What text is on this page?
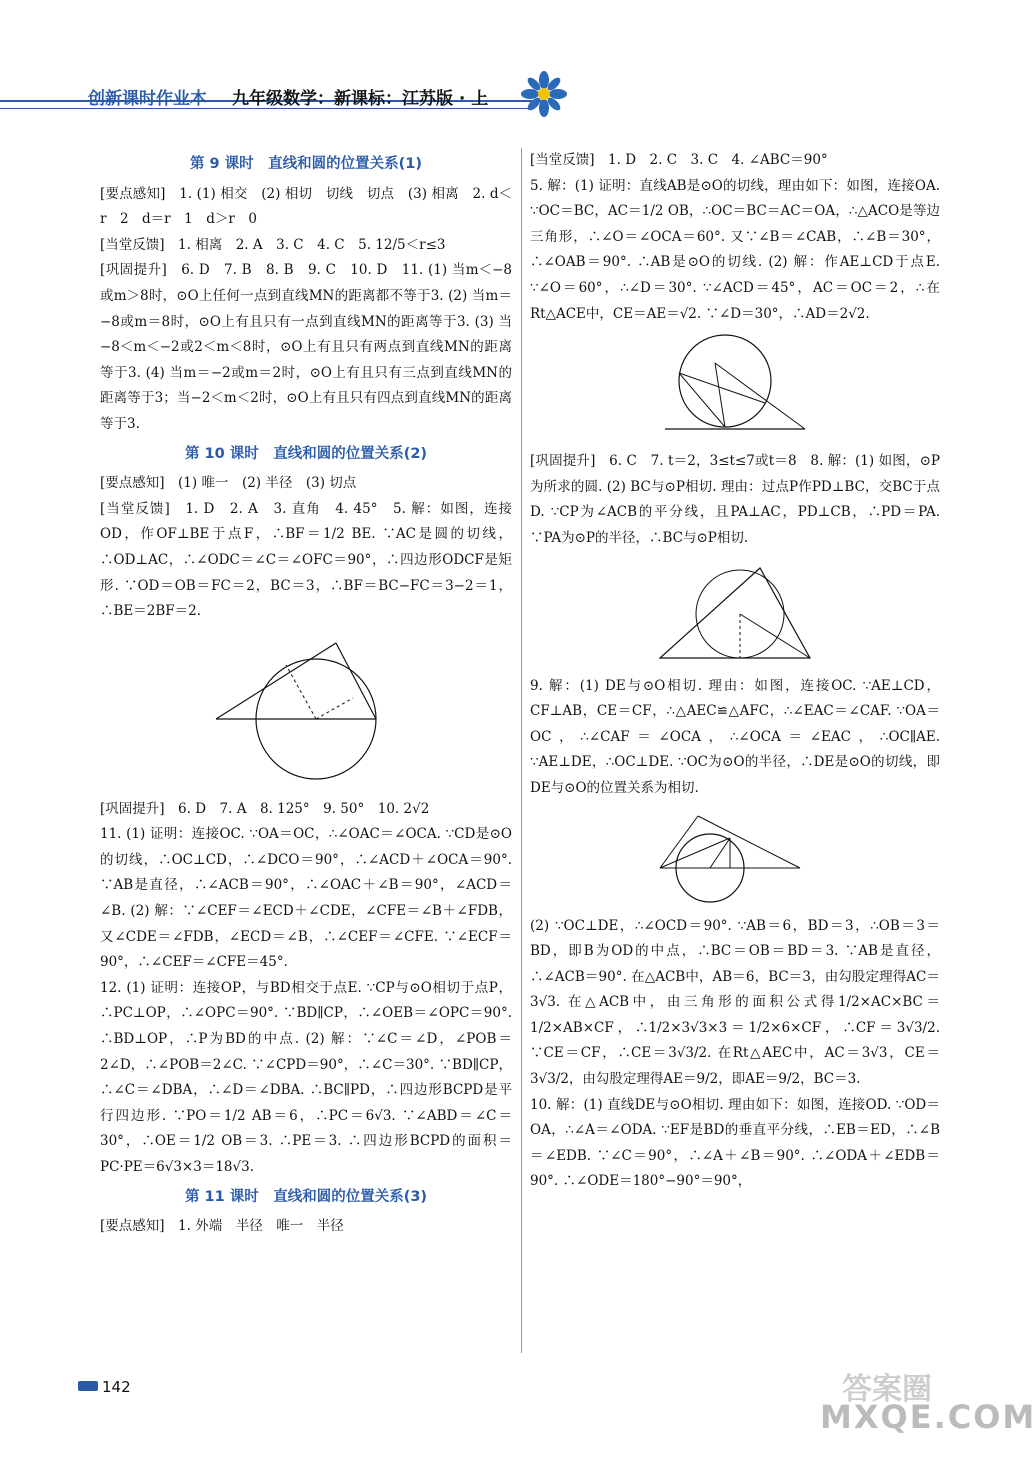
创新课时作业本 九年级数学：新课标：江苏版 · 上

第 9 课时　直线和圆的位置关系(1)

[要点感知]　1. (1) 相交　(2) 相切　切线　切点　(3) 相离　2. d＜r　2　d＝r　1　d＞r　0

[当堂反馈]　1. 相离　2. A　3. C　4. C　5. 12/5＜r≤3

[巩固提升]　6. D　7. B　8. B　9. C　10. D　11. (1) 当m＜−8或m＞8时，⊙O上任何一点到直线MN的距离都不等于3. (2) 当m＝−8或m＝8时，⊙O上有且只有一点到直线MN的距离等于3. (3) 当−8＜m＜−2或2＜m＜8时，⊙O上有且只有两点到直线MN的距离等于3. (4) 当m＝−2或m＝2时，⊙O上有且只有三点到直线MN的距离等于3；当−2＜m＜2时，⊙O上有且只有四点到直线MN的距离等于3.

第 10 课时　直线和圆的位置关系(2)

[要点感知]　(1) 唯一　(2) 半径　(3) 切点

[当堂反馈]　1. D　2. A　3. 直角　4. 45°　5. 解：如图，连接OD，作OF⊥BE于点F，∴BF＝1/2 BE. ∵AC是圆的切线，∴OD⊥AC，∴∠ODC＝∠C＝∠OFC＝90°，∴四边形ODCF是矩形. ∵OD＝OB＝FC＝2，BC＝3，∴BF＝BC−FC＝3−2＝1，∴BE＝2BF＝2.

[巩固提升]　6. D　7. A　8. 125°　9. 50°　10. 2√2

11. (1) 证明：连接OC. ∵OA＝OC，∴∠OAC＝∠OCA. ∵CD是⊙O的切线，∴OC⊥CD，∴∠DCO＝90°，∴∠ACD＋∠OCA＝90°. ∵AB是直径，∴∠ACB＝90°，∴∠OAC＋∠B＝90°，∠ACD＝∠B. (2) 解：∵∠CEF＝∠ECD＋∠CDE，∠CFE＝∠B＋∠FDB，又∠CDE＝∠FDB，∠ECD＝∠B，∴∠CEF＝∠CFE. ∵∠ECF＝90°，∴∠CEF＝∠CFE＝45°.

12. (1) 证明：连接OP，与BD相交于点E. ∵CP与⊙O相切于点P，∴PC⊥OP，∴∠OPC＝90°. ∵BD∥CP，∴∠OEB＝∠OPC＝90°. ∴BD⊥OP，∴P为BD的中点. (2) 解：∵∠C＝∠D，∠POB＝2∠D，∴∠POB＝2∠C. ∵∠CPD＝90°，∴∠C＝30°. ∵BD∥CP，∴∠C＝∠DBA，∴∠D＝∠DBA. ∴BC∥PD，∴四边形BCPD是平行四边形. ∵PO＝1/2 AB＝6，∴PC＝6√3. ∵∠ABD＝∠C＝30°，∴OE＝1/2 OB＝3. ∴PE＝3. ∴四边形BCPD的面积＝PC·PE＝6√3×3＝18√3.

第 11 课时　直线和圆的位置关系(3)

[要点感知]　1. 外端　半径　唯一　半径

[当堂反馈]　1. D　2. C　3. C　4. ∠ABC＝90°

5. 解：(1) 证明：直线AB是⊙O的切线，理由如下：如图，连接OA. ∵OC＝BC，AC＝1/2 OB，∴OC＝BC＝AC＝OA，∴△ACO是等边三角形，∴∠O＝∠OCA＝60°. 又∵∠B＝∠CAB，∴∠B＝30°，∴∠OAB＝90°. ∴AB是⊙O的切线. (2) 解：作AE⊥CD于点E. ∵∠O＝60°，∴∠D＝30°. ∵∠ACD＝45°，AC＝OC＝2，∴在Rt△ACE中，CE＝AE＝√2. ∵∠D＝30°，∴AD＝2√2.

[巩固提升]　6. C　7. t＝2，3≤t≤7或t＝8　8. 解：(1) 如图，⊙P为所求的圆. (2) BC与⊙P相切. 理由：过点P作PD⊥BC，交BC于点D. ∵CP为∠ACB的平分线，且PA⊥AC，PD⊥CB，∴PD＝PA. ∵PA为⊙P的半径，∴BC与⊙P相切.

9. 解：(1) DE与⊙O相切. 理由：如图，连接OC. ∵AE⊥CD，CF⊥AB，CE＝CF，∴△AEC≌△AFC，∴∠EAC＝∠CAF. ∵OA＝OC，∴∠CAF＝∠OCA，∴∠OCA＝∠EAC，∴OC∥AE. ∵AE⊥DE，∴OC⊥DE. ∵OC为⊙O的半径，∴DE是⊙O的切线，即DE与⊙O的位置关系为相切.

(2) ∵OC⊥DE，∴∠OCD＝90°. ∵AB＝6，BD＝3，∴OB＝3＝BD，即B为OD的中点，∴BC＝OB＝BD＝3. ∵AB是直径，∴∠ACB＝90°. 在△ACB中，AB＝6，BC＝3，由勾股定理得AC＝3√3. 在△ACB中，由三角形的面积公式得1/2×AC×BC＝1/2×AB×CF，∴1/2×3√3×3＝1/2×6×CF，∴CF＝3√3/2. ∵CE＝CF，∴CE＝3√3/2. 在Rt△AEC中，AC＝3√3，CE＝3√3/2，由勾股定理得AE＝9/2，即AE＝9/2，BC＝3.

10. 解：(1) 直线DE与⊙O相切. 理由如下：如图，连接OD. ∵OD＝OA，∴∠A＝∠ODA. ∵EF是BD的垂直平分线，∴EB＝ED，∴∠B＝∠EDB. ∵∠C＝90°，∴∠A＋∠B＝90°. ∴∠ODA＋∠EDB＝90°. ∴∠ODE＝180°−90°＝90°，

142	答案圈
MXQE.COM
